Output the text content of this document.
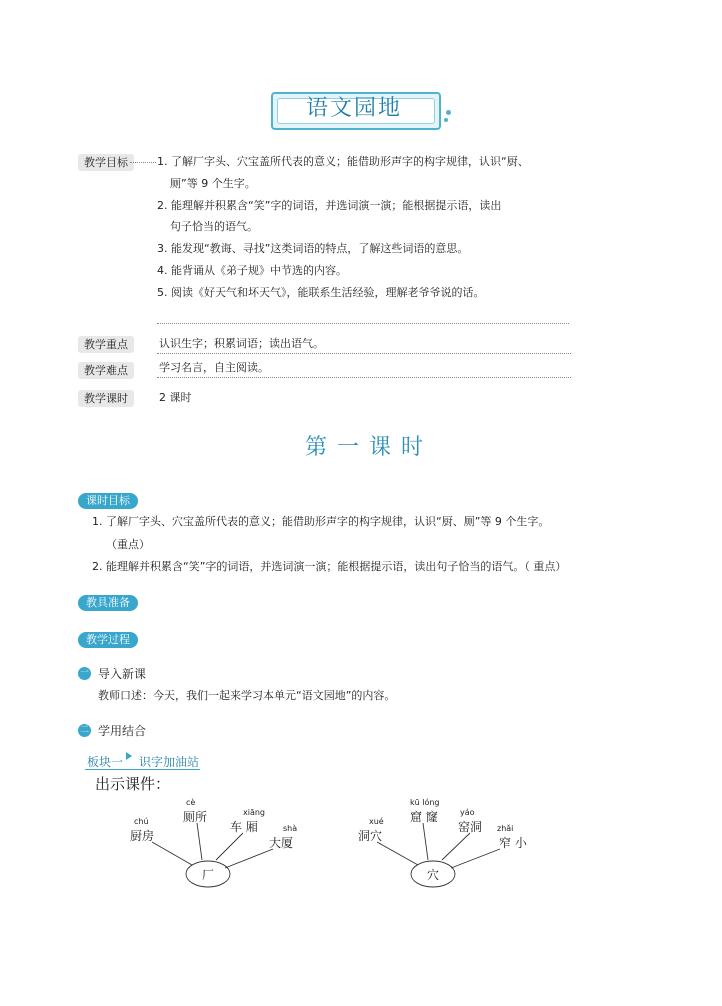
语文园地
教学目标	1. 了解厂字头、穴宝盖所代表的意义；能借助形声字的构字规律，认识“厨、
厕”等 9 个生字。
2. 能理解并积累含“笑”字的词语，并选词演一演；能根据提示语，读出
句子恰当的语气。
3. 能发现“教诲、寻找”这类词语的特点，了解这些词语的意思。
4. 能背诵从《弟子规》中节选的内容。
5. 阅读《好天气和坏天气》，能联系生活经验，理解老爷爷说的话。
教学重点	认识生字；积累词语；读出语气。
教学难点	学习名言，自主阅读。
教学课时	2 课时
第一课时
课时目标
1. 了解厂字头、穴宝盖所代表的意义；能借助形声字的构字规律，认识“厨、厕”等 9 个生字。
（重点）
2. 能理解并积累含“笑”字的词语，并选词演一演；能根据提示语，读出句子恰当的语气。（ 重点）
教具准备
教学过程
一 导入新课
教师口述：今天，我们一起来学习本单元“语文园地”的内容。
二 学用结合
板块一 识字加油站
出示课件：
chú
厨房
cè
厕所	xiāng
车 厢	shà
大厦
厂
xué
洞穴
kū lóng
窟 窿	yáo
窑洞 zhǎi
窄 小
穴
